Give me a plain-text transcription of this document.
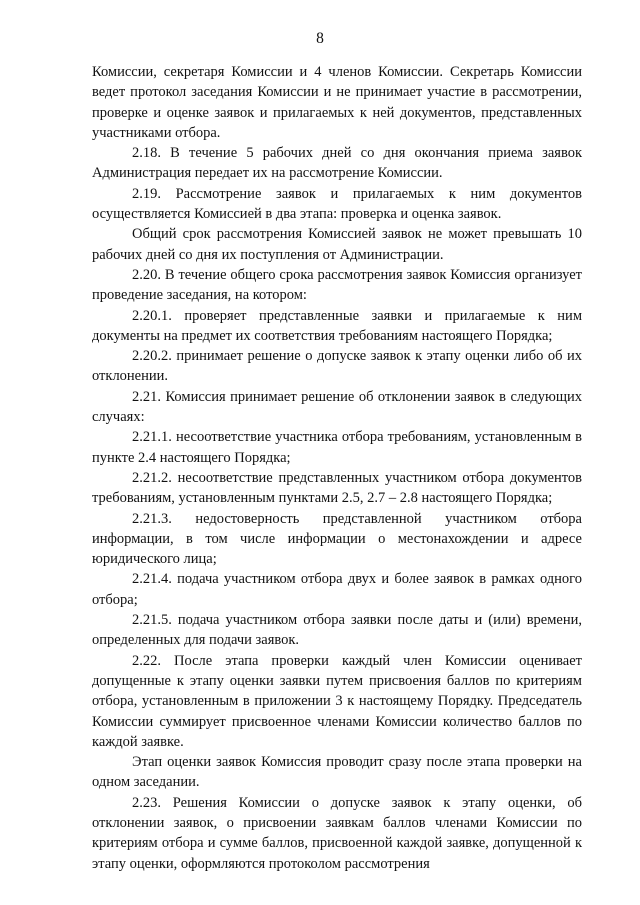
8

Комиссии, секретаря Комиссии и 4 членов Комиссии. Секретарь Комиссии ведет протокол заседания Комиссии и не принимает участие в рассмотрении, проверке и оценке заявок и прилагаемых к ней документов, представленных участниками отбора.

2.18. В течение 5 рабочих дней со дня окончания приема заявок Администрация передает их на рассмотрение Комиссии.

2.19. Рассмотрение заявок и прилагаемых к ним документов осуществляется Комиссией в два этапа: проверка и оценка заявок.

Общий срок рассмотрения Комиссией заявок не может превышать 10 рабочих дней со дня их поступления от Администрации.

2.20. В течение общего срока рассмотрения заявок Комиссия организует проведение заседания, на котором:

2.20.1. проверяет представленные заявки и прилагаемые к ним документы на предмет их соответствия требованиям настоящего Порядка;

2.20.2. принимает решение о допуске заявок к этапу оценки либо об их отклонении.

2.21. Комиссия принимает решение об отклонении заявок в следующих случаях:

2.21.1. несоответствие участника отбора требованиям, установленным в пункте 2.4 настоящего Порядка;

2.21.2. несоответствие представленных участником отбора документов требованиям, установленным пунктами 2.5, 2.7 – 2.8 настоящего Порядка;

2.21.3. недостоверность представленной участником отбора информации, в том числе информации о местонахождении и адресе юридического лица;

2.21.4. подача участником отбора двух и более заявок в рамках одного отбора;

2.21.5. подача участником отбора заявки после даты и (или) времени, определенных для подачи заявок.

2.22. После этапа проверки каждый член Комиссии оценивает допущенные к этапу оценки заявки путем присвоения баллов по критериям отбора, установленным в приложении 3 к настоящему Порядку. Председатель Комиссии суммирует присвоенное членами Комиссии количество баллов по каждой заявке.

Этап оценки заявок Комиссия проводит сразу после этапа проверки на одном заседании.

2.23. Решения Комиссии о допуске заявок к этапу оценки, об отклонении заявок, о присвоении заявкам баллов членами Комиссии по критериям отбора и сумме баллов, присвоенной каждой заявке, допущенной к этапу оценки, оформляются протоколом рассмотрения
